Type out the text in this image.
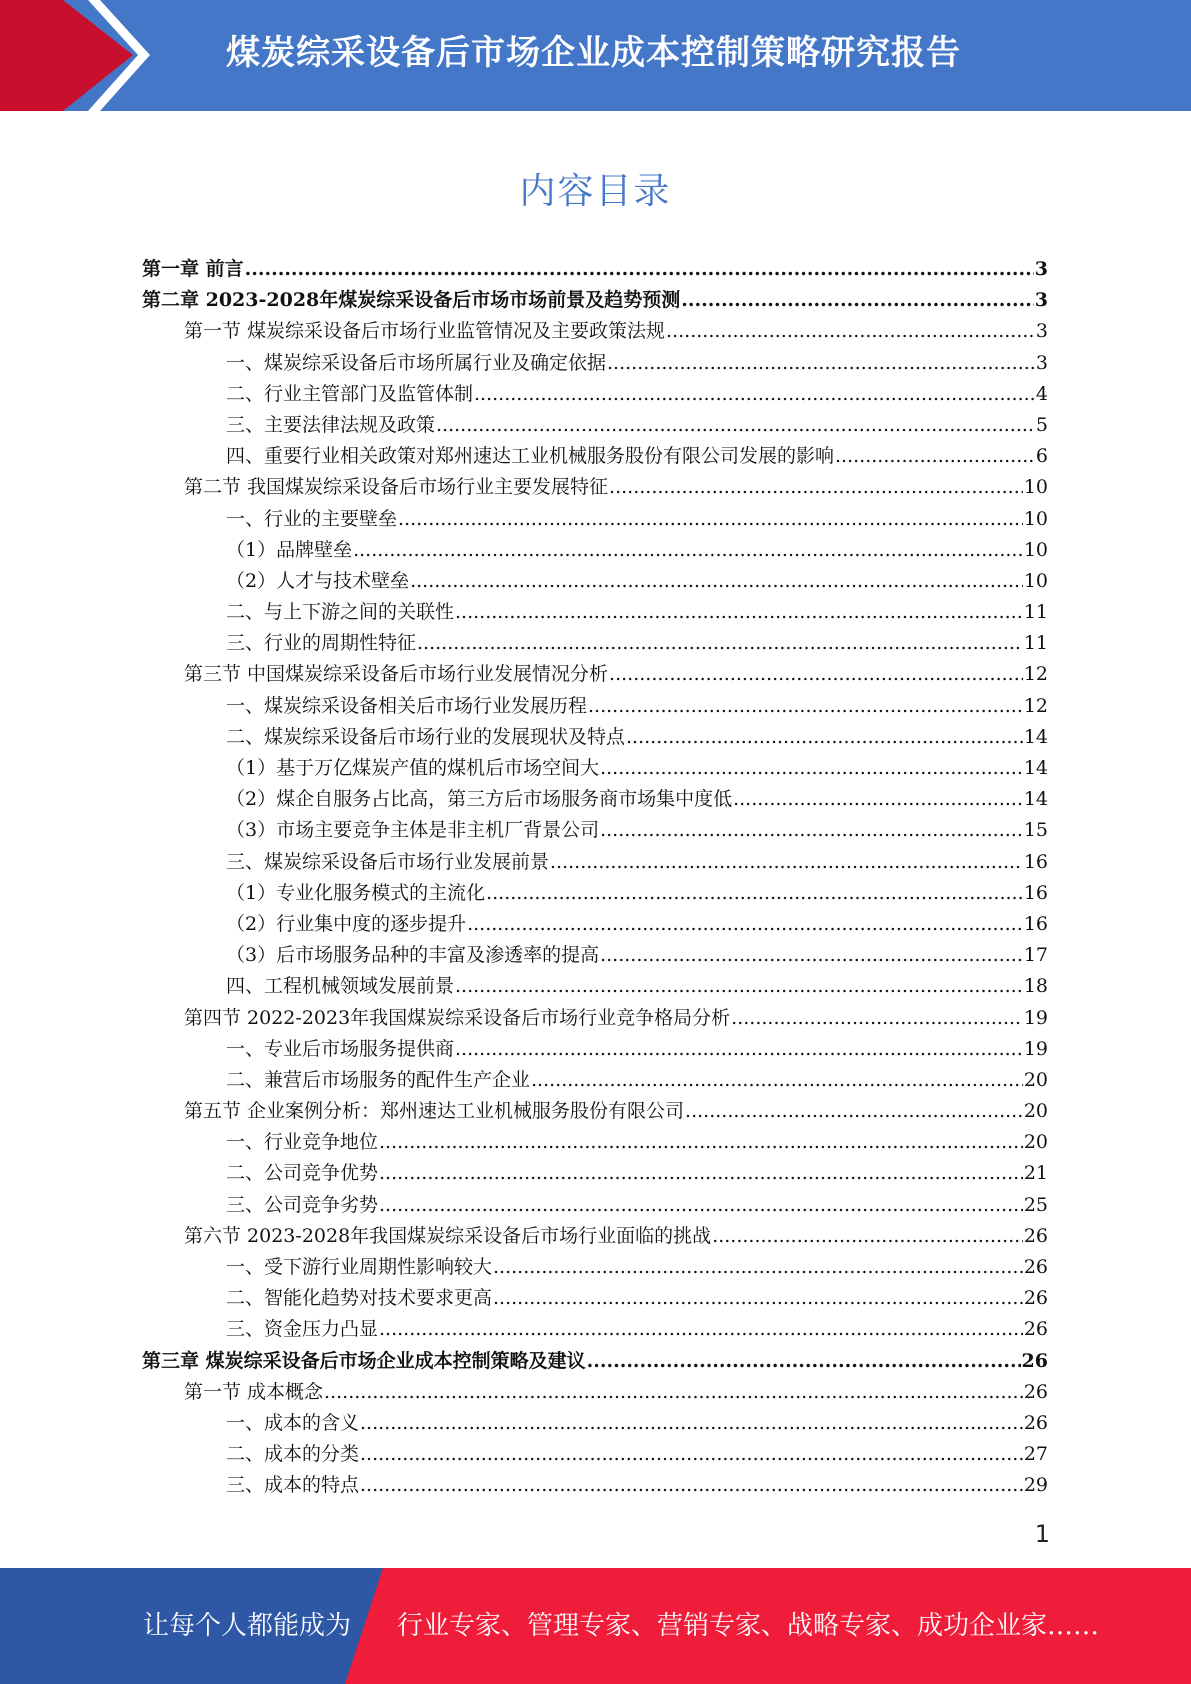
煤炭综采设备后市场企业成本控制策略研究报告
内容目录
第一章 前言 .....	3
第二章 2023-2028年煤炭综采设备后市场市场前景及趋势预测 .....	3
第一节 煤炭综采设备后市场行业监管情况及主要政策法规 .....	3
一、煤炭综采设备后市场所属行业及确定依据 .....	3
二、行业主管部门及监管体制 .....	4
三、主要法律法规及政策 .....	5
四、重要行业相关政策对郑州速达工业机械服务股份有限公司发展的影响 .....	6
第二节 我国煤炭综采设备后市场行业主要发展特征 .....	10
一、行业的主要壁垒 .....	10
（1）品牌壁垒 .....	10
（2）人才与技术壁垒 .....	10
二、与上下游之间的关联性 .....	11
三、行业的周期性特征 .....	11
第三节 中国煤炭综采设备后市场行业发展情况分析 .....	12
一、煤炭综采设备相关后市场行业发展历程 .....	12
二、煤炭综采设备后市场行业的发展现状及特点 .....	14
（1）基于万亿煤炭产值的煤机后市场空间大 .....	14
（2）煤企自服务占比高，第三方后市场服务商市场集中度低 .....	14
（3）市场主要竞争主体是非主机厂背景公司 .....	15
三、煤炭综采设备后市场行业发展前景 .....	16
（1）专业化服务模式的主流化 .....	16
（2）行业集中度的逐步提升 .....	16
（3）后市场服务品种的丰富及渗透率的提高 .....	17
四、工程机械领域发展前景 .....	18
第四节 2022-2023年我国煤炭综采设备后市场行业竞争格局分析 .....	19
一、专业后市场服务提供商 .....	19
二、兼营后市场服务的配件生产企业 .....	20
第五节 企业案例分析：郑州速达工业机械服务股份有限公司 .....	20
一、行业竞争地位 .....	20
二、公司竞争优势 .....	21
三、公司竞争劣势 .....	25
第六节 2023-2028年我国煤炭综采设备后市场行业面临的挑战 .....	26
一、受下游行业周期性影响较大 .....	26
二、智能化趋势对技术要求更高 .....	26
三、资金压力凸显 .....	26
第三章 煤炭综采设备后市场企业成本控制策略及建议 .....	26
第一节 成本概念 .....	26
一、成本的含义 .....	26
二、成本的分类 .....	27
三、成本的特点 .....	29
1
让每个人都能成为 行业专家、管理专家、营销专家、战略专家、成功企业家……
